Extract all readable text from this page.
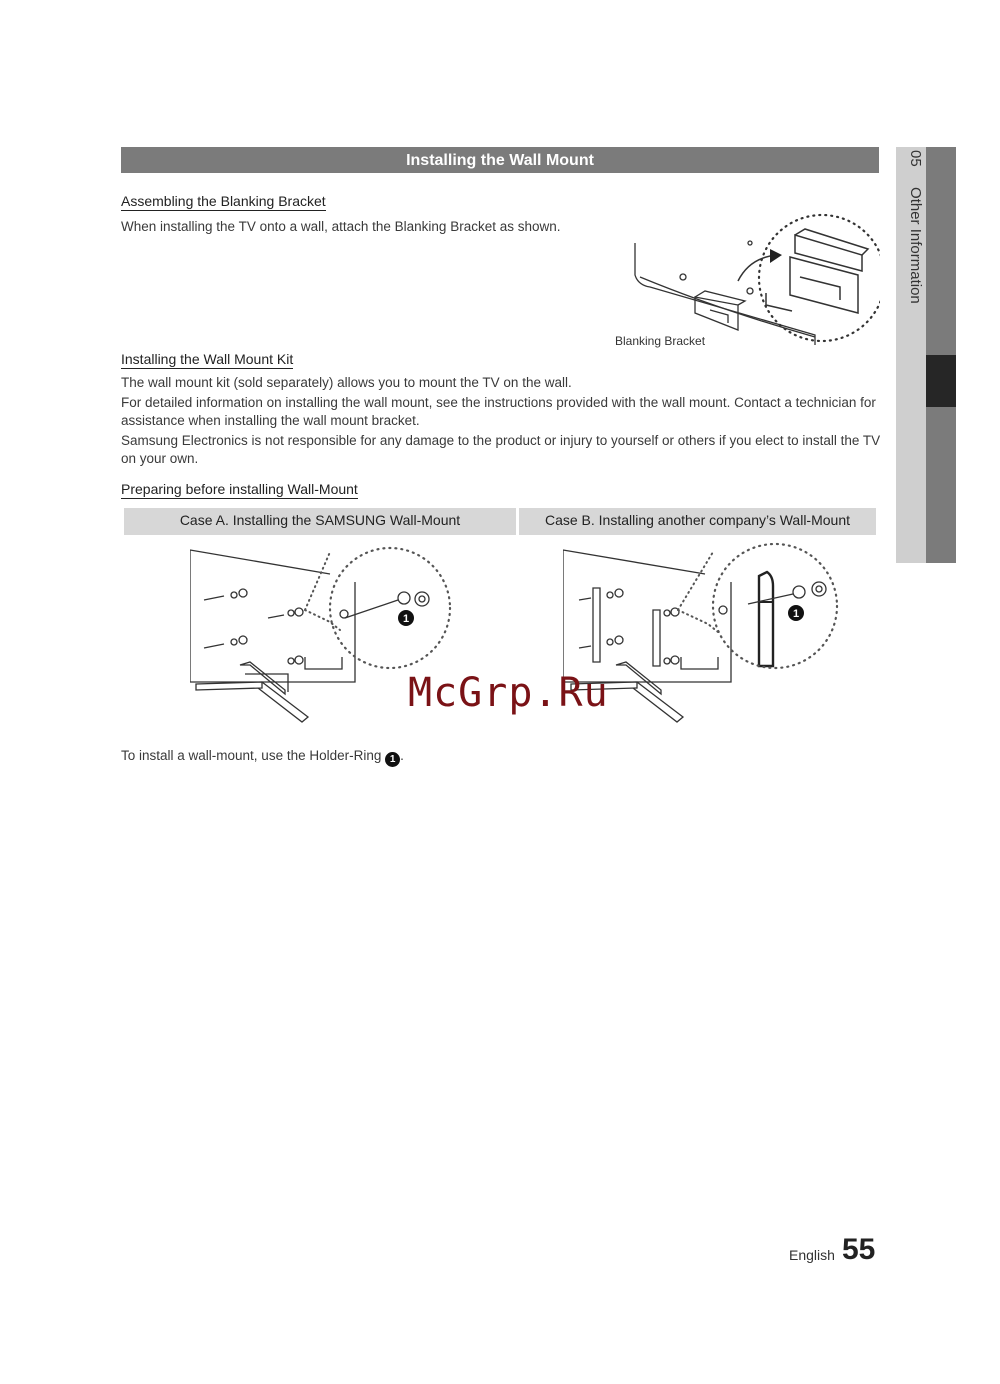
Installing the Wall Mount	05  Other Information
Assembling the Blanking Bracket
When installing the TV onto a wall, attach the Blanking Bracket as shown.
Blanking Bracket
Installing the Wall Mount Kit
The wall mount kit (sold separately) allows you to mount the TV on the wall.
For detailed information on installing the wall mount, see the instructions provided with the wall mount. Contact a technician for assistance when installing the wall mount bracket.
Samsung Electronics is not responsible for any damage to the product or injury to yourself or others if you elect to install the TV on your own.
Preparing before installing Wall-Mount
Case A. Installing the SAMSUNG Wall-Mount	Case B. Installing another company’s Wall-Mount
1	1
McGrp.Ru
To install a wall-mount, use the Holder-Ring 1 .
English 55
